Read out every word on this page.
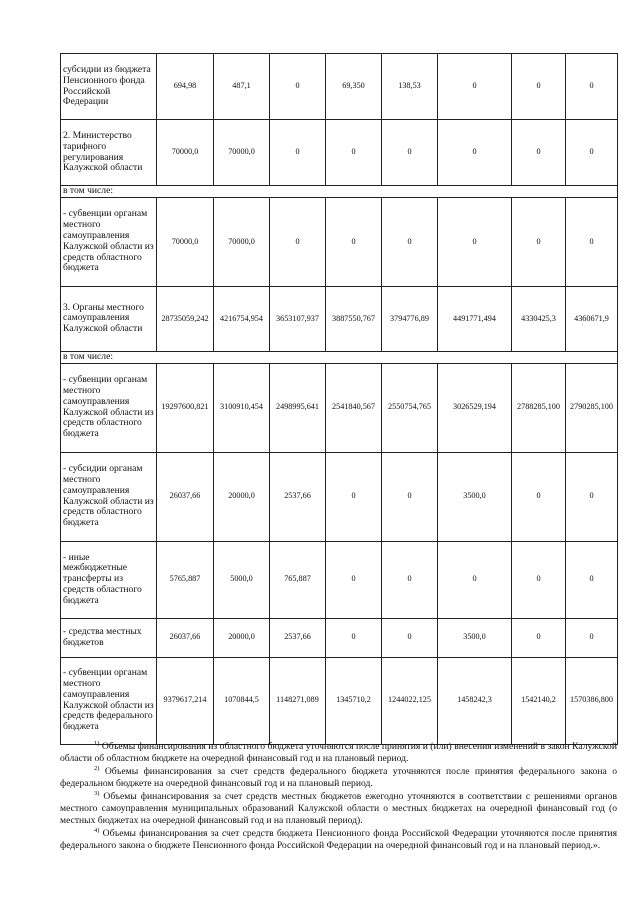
субсидии из бюджета Пенсионного фонда Российской Федерации	694,98	487,1	0	69,350	138,53	0	0	0
2. Министерство тарифного регулирования Калужской области	70000,0	70000,0	0	0	0	0	0	0
в том числе:								
- субвенции органам местного самоуправления Калужской области из средств областного бюджета	70000,0	70000,0	0	0	0	0	0	0
3. Органы местного самоуправления Калужской области	28735059,242	4216754,954	3653107,937	3887550,767	3794776,89	4491771,494	4330425,3	4360671,9
в том числе:								
- субвенции органам местного самоуправления Калужской области из средств областного бюджета	19297600,821	3100910,454	2498995,641	2541840,567	2550754,765	3026529,194	2788285,100	2790285,100
- субсидии органам местного самоуправления Калужской области из средств областного бюджета	26037,66	20000,0	2537,66	0	0	3500,0	0	0
- иные межбюджетные трансферты из средств областного бюджета	5765,887	5000,0	765,887	0	0	0	0	0
- средства местных бюджетов	26037,66	20000,0	2537,66	0	0	3500,0	0	0
- субвенции органам местного самоуправления Калужской области из средств федерального бюджета	9379617,214	1070844,5	1148271,089	1345710,2	1244022,125	1458242,3	1542140,2	1570386,800

$^{1)}$ Объемы финансирования из областного бюджета уточняются после принятия и (или) внесения изменений в закон Калужской области об областном бюджете на очередной финансовый год и на плановый период.

$^{2)}$ Объемы финансирования за счет средств федерального бюджета уточняются после принятия федерального закона о федеральном бюджете на очередной финансовый год и на плановый период.

$^{3)}$ Объемы финансирования за счет средств местных бюджетов ежегодно уточняются в соответствии с решениями органов местного самоуправления муниципальных образований Калужской области о местных бюджетах на очередной финансовый год (о местных бюджетах на очередной финансовый год и на плановый период).

$^{4)}$ Объемы финансирования за счет средств бюджета Пенсионного фонда Российской Федерации уточняются после принятия федерального закона о бюджете Пенсионного фонда Российской Федерации на очередной финансовый год и на плановый период.».
